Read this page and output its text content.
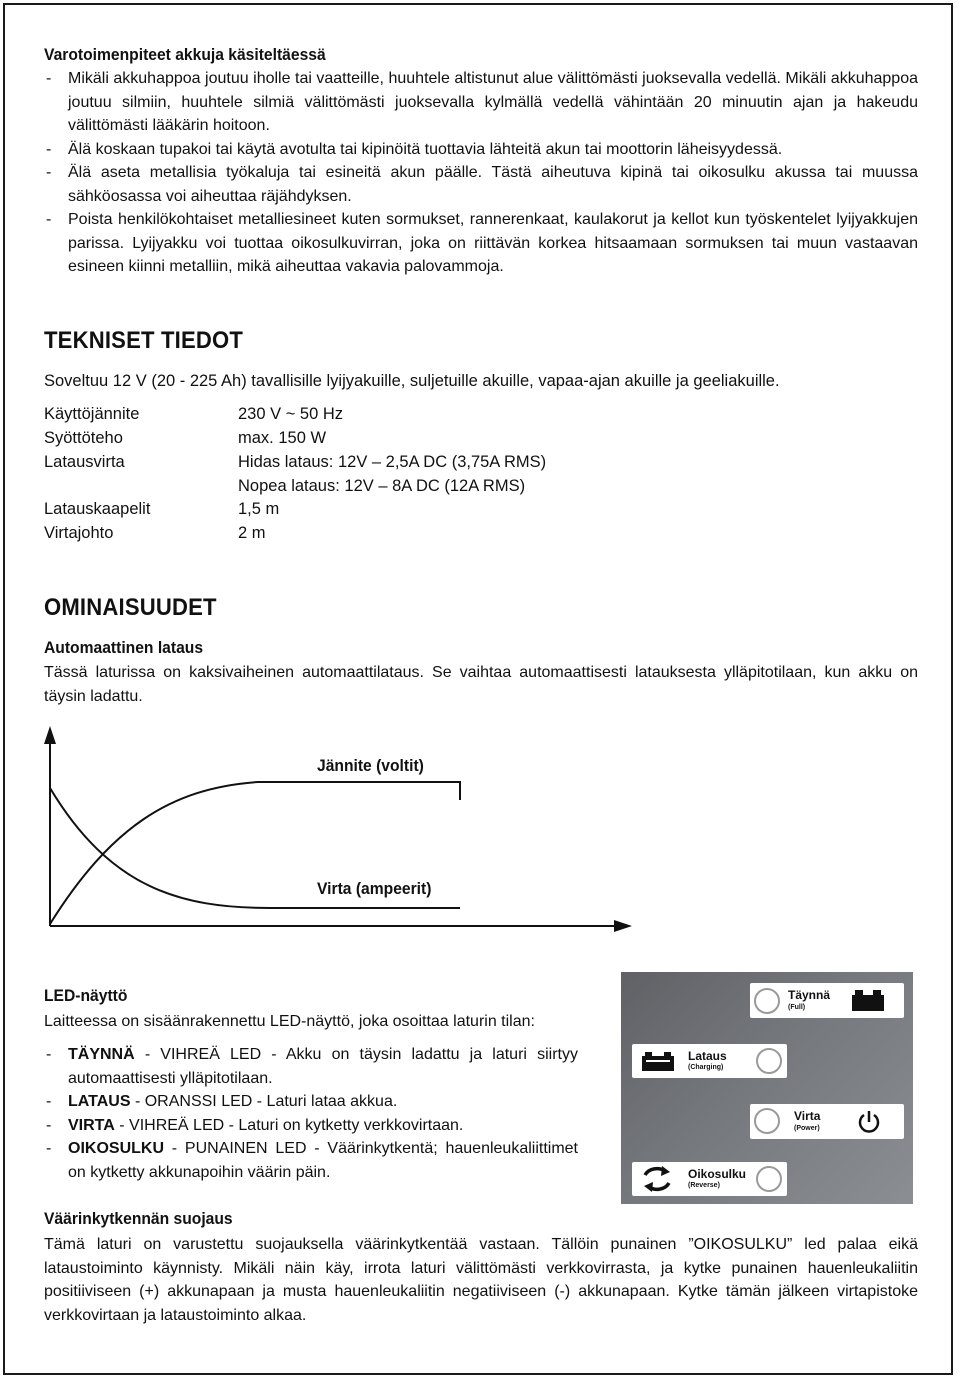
Varotoimenpiteet akkuja käsiteltäessä
- Mikäli akkuhappoa joutuu iholle tai vaatteille, huuhtele altistunut alue välittömästi juoksevalla vedellä. Mikäli akkuhappoa joutuu silmiin, huuhtele silmiä välittömästi juoksevalla kylmällä vedellä vähintään 20 minuutin ajan ja hakeudu välittömästi lääkärin hoitoon.
- Älä koskaan tupakoi tai käytä avotulta tai kipinöitä tuottavia lähteitä akun tai moottorin läheisyydessä.
- Älä aseta metallisia työkaluja tai esineitä akun päälle. Tästä aiheutuva kipinä tai oikosulku akussa tai muussa sähköosassa voi aiheuttaa räjähdyksen.
- Poista henkilökohtaiset metalliesineet kuten sormukset, rannerenkaat, kaulakorut ja kellot kun työskentelet lyijyakkujen parissa. Lyijyakku voi tuottaa oikosulkuvirran, joka on riittävän korkea hitsaamaan sormuksen tai muun vastaavan esineen kiinni metalliin, mikä aiheuttaa vakavia palovammoja.
TEKNISET TIEDOT
Soveltuu 12 V (20 - 225 Ah) tavallisille lyijyakuille, suljetuille akuille, vapaa-ajan akuille ja geeliakuille.
Käyttöjännite	230 V ~ 50 Hz
Syöttöteho	max. 150 W
Latausvirta	Hidas lataus: 12V – 2,5A DC (3,75A RMS)
Nopea lataus: 12V – 8A DC (12A RMS)
Latauskaapelit	1,5 m
Virtajohto	2 m
OMINAISUUDET
Automaattinen lataus
Tässä laturissa on kaksivaiheinen automaattilataus. Se vaihtaa automaattisesti latauksesta ylläpitotilaan, kun akku on täysin ladattu.
Jännite (voltit)
Virta (ampeerit)
LED-näyttö
Laitteessa on sisäänrakennettu LED-näyttö, joka osoittaa laturin tilan:
- TÄYNNÄ - VIHREÄ LED - Akku on täysin ladattu ja laturi siirtyy automaattisesti ylläpitotilaan.
- LATAUS - ORANSSI LED - Laturi lataa akkua.
- VIRTA - VIHREÄ LED - Laturi on kytketty verkkovirtaan.
- OIKOSULKU - PUNAINEN LED - Väärinkytkentä; hauenleukaliittimet on kytketty akkunapoihin väärin päin.
Täynnä
(Full)
Lataus
(Charging)
Virta
(Power)
Oikosulku
(Reverse)
Väärinkytkennän suojaus
Tämä laturi on varustettu suojauksella väärinkytkentää vastaan. Tällöin punainen ”OIKOSULKU” led palaa eikä lataustoiminto käynnisty. Mikäli näin käy, irrota laturi välittömästi verkkovirrasta, ja kytke punainen hauenleukaliitin positiiviseen (+) akkunapaan ja musta hauenleukaliitin negatiiviseen (-) akkunapaan. Kytke tämän jälkeen virtapistoke verkkovirtaan ja lataustoiminto alkaa.
